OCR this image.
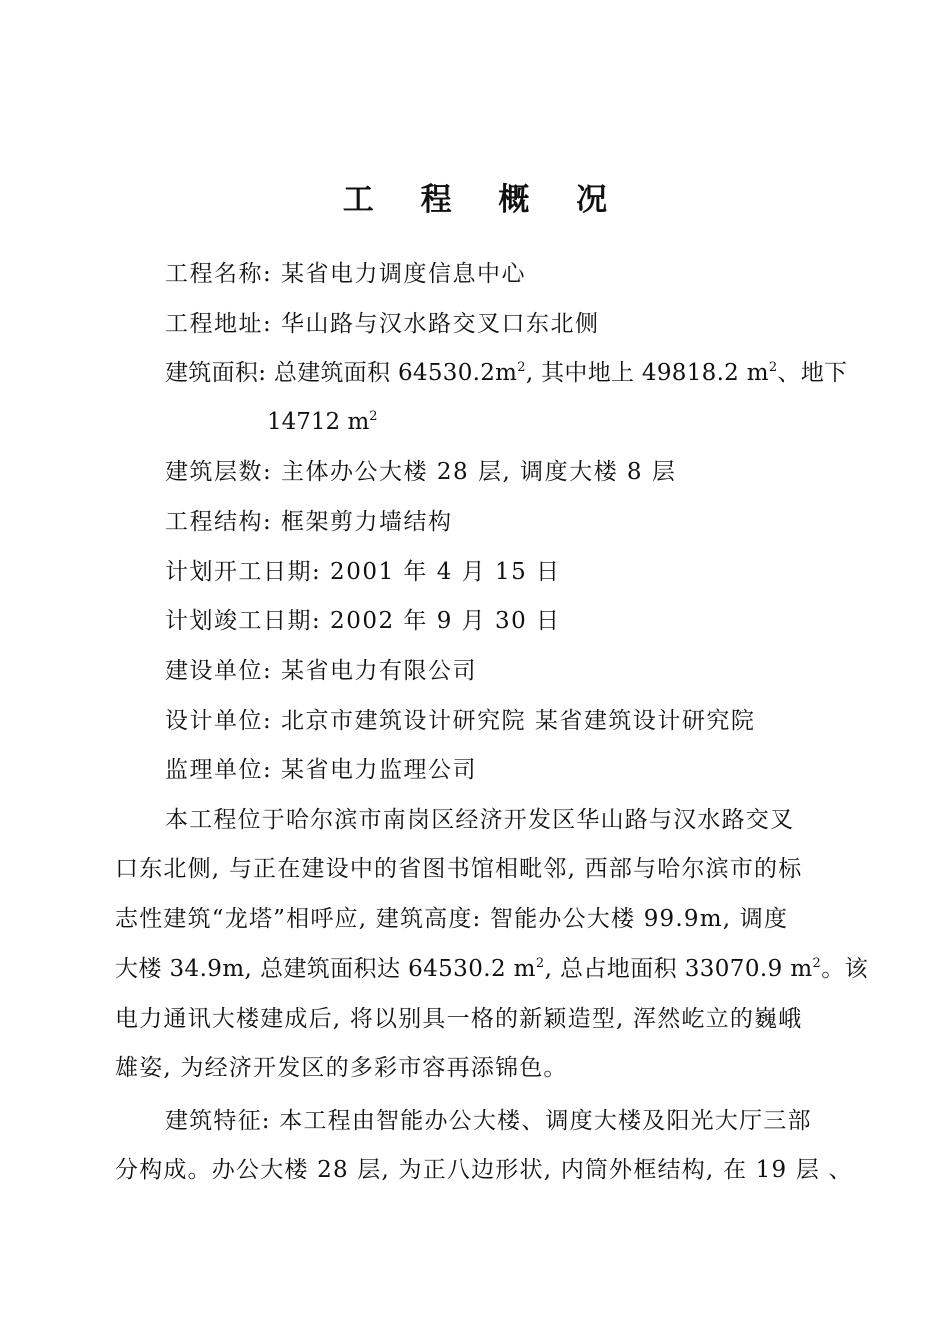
工 程 概 况
工程名称: 某省电力调度信息中心
工程地址: 华山路与汉水路交叉口东北侧
建筑面积: 总建筑面积 $64530.2m^2$, 其中地上 49818.2 $m^2$、地下
14712 $m^2$
建筑层数: 主体办公大楼 28 层, 调度大楼 8 层
工程结构: 框架剪力墙结构
计划开工日期: 2001 年 4 月 15 日
计划竣工日期: 2002 年 9 月 30 日
建设单位: 某省电力有限公司
设计单位: 北京市建筑设计研究院 某省建筑设计研究院
监理单位: 某省电力监理公司
本工程位于哈尔滨市南岗区经济开发区华山路与汉水路交叉
口东北侧, 与正在建设中的省图书馆相毗邻, 西部与哈尔滨市的标
志性建筑“龙塔”相呼应, 建筑高度: 智能办公大楼 99.9m, 调度
大楼 34.9m, 总建筑面积达 64530.2 $m^2$, 总占地面积 33070.9 $m^2$。该
电力通讯大楼建成后, 将以别具一格的新颖造型, 浑然屹立的巍峨
雄姿, 为经济开发区的多彩市容再添锦色。
建筑特征: 本工程由智能办公大楼、调度大楼及阳光大厅三部
分构成。办公大楼 28 层, 为正八边形状, 内筒外框结构, 在 19 层 、
